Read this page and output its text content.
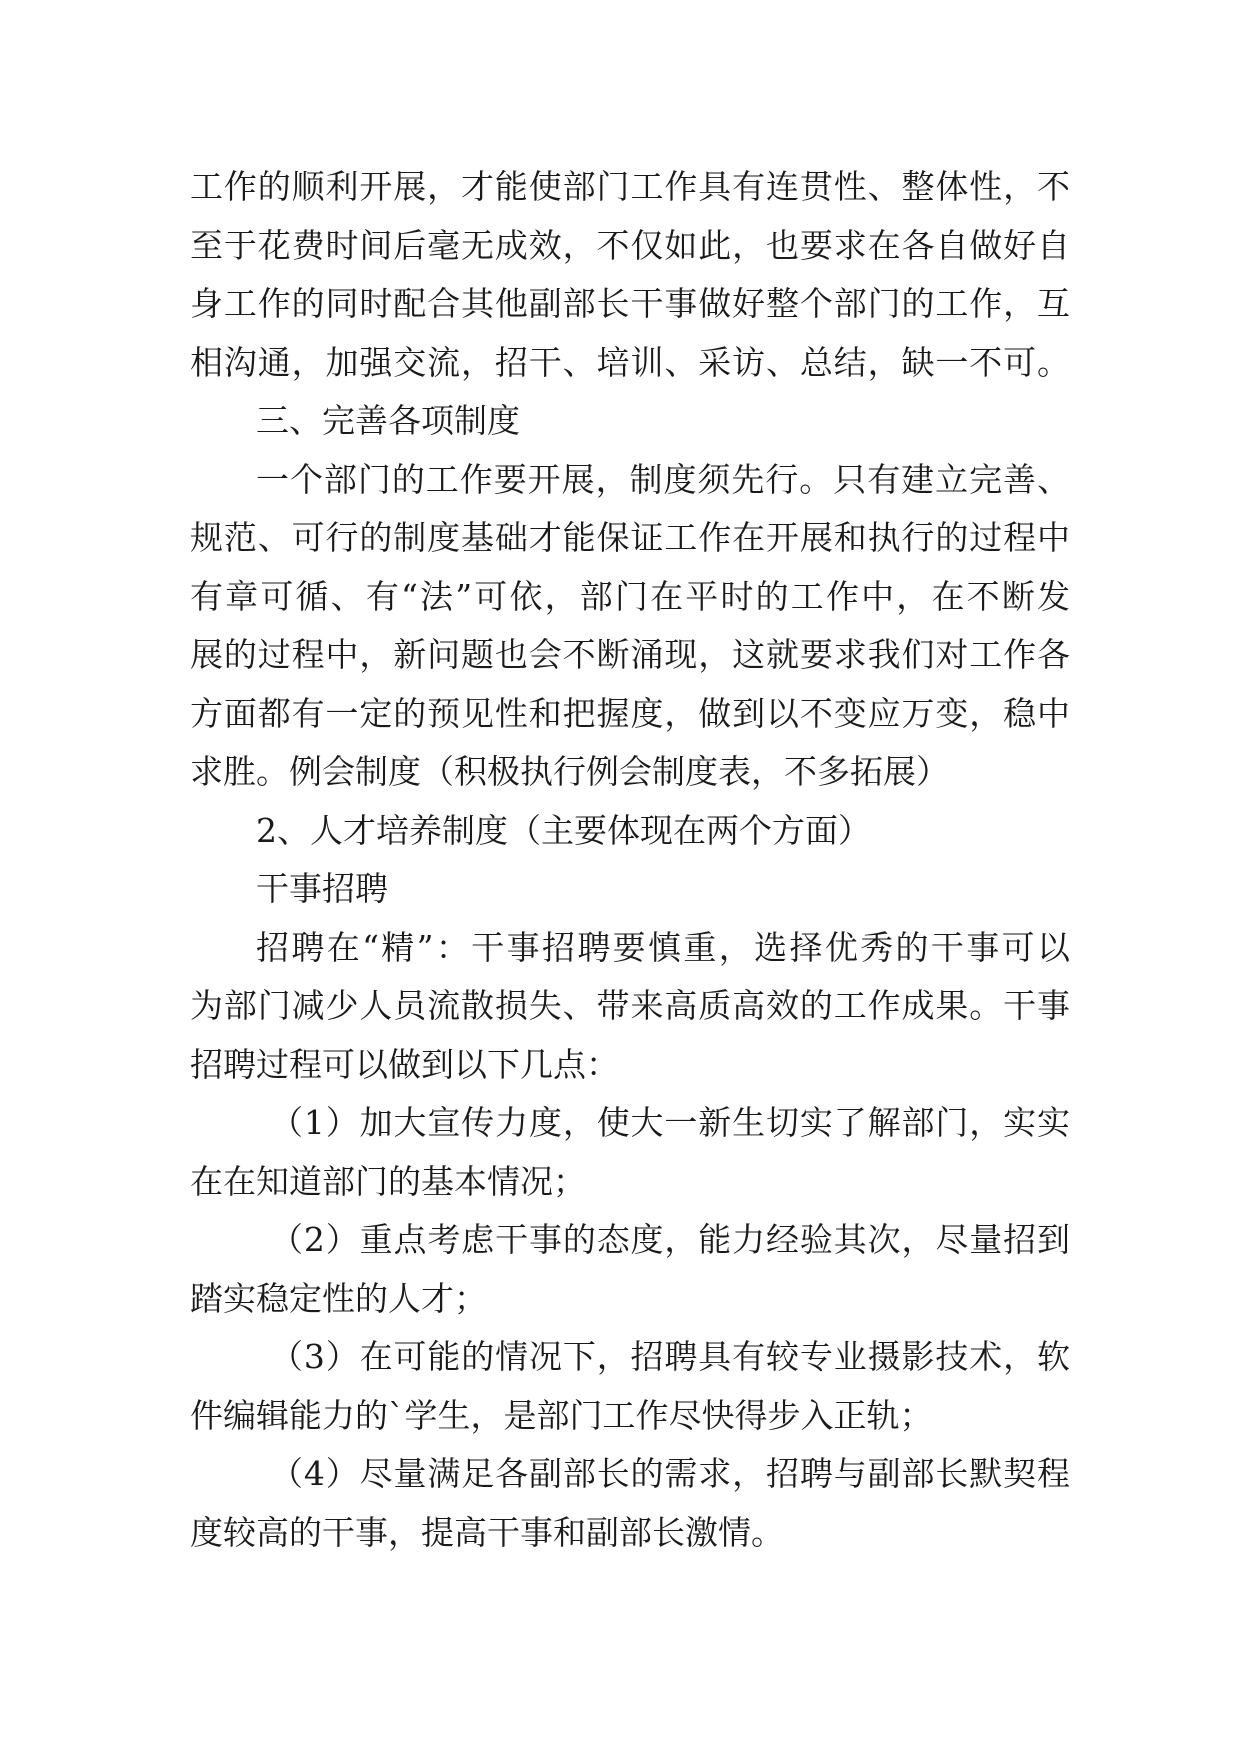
工作的顺利开展，才能使部门工作具有连贯性、整体性，不
至于花费时间后毫无成效，不仅如此，也要求在各自做好自
身工作的同时配合其他副部长干事做好整个部门的工作，互
相沟通，加强交流，招干、培训、采访、总结，缺一不可。
三、完善各项制度
一个部门的工作要开展，制度须先行。只有建立完善、
规范、可行的制度基础才能保证工作在开展和执行的过程中
有章可循、有“法”可依，部门在平时的工作中，在不断发
展的过程中，新问题也会不断涌现，这就要求我们对工作各
方面都有一定的预见性和把握度，做到以不变应万变，稳中
求胜。例会制度（积极执行例会制度表，不多拓展）
2、人才培养制度（主要体现在两个方面）
干事招聘
招聘在“精”：干事招聘要慎重，选择优秀的干事可以
为部门减少人员流散损失、带来高质高效的工作成果。干事
招聘过程可以做到以下几点：
（1）加大宣传力度，使大一新生切实了解部门，实实
在在知道部门的基本情况；
（2）重点考虑干事的态度，能力经验其次，尽量招到
踏实稳定性的人才；
（3）在可能的情况下，招聘具有较专业摄影技术，软
件编辑能力的`学生，是部门工作尽快得步入正轨；
（4）尽量满足各副部长的需求，招聘与副部长默契程
度较高的干事，提高干事和副部长激情。
